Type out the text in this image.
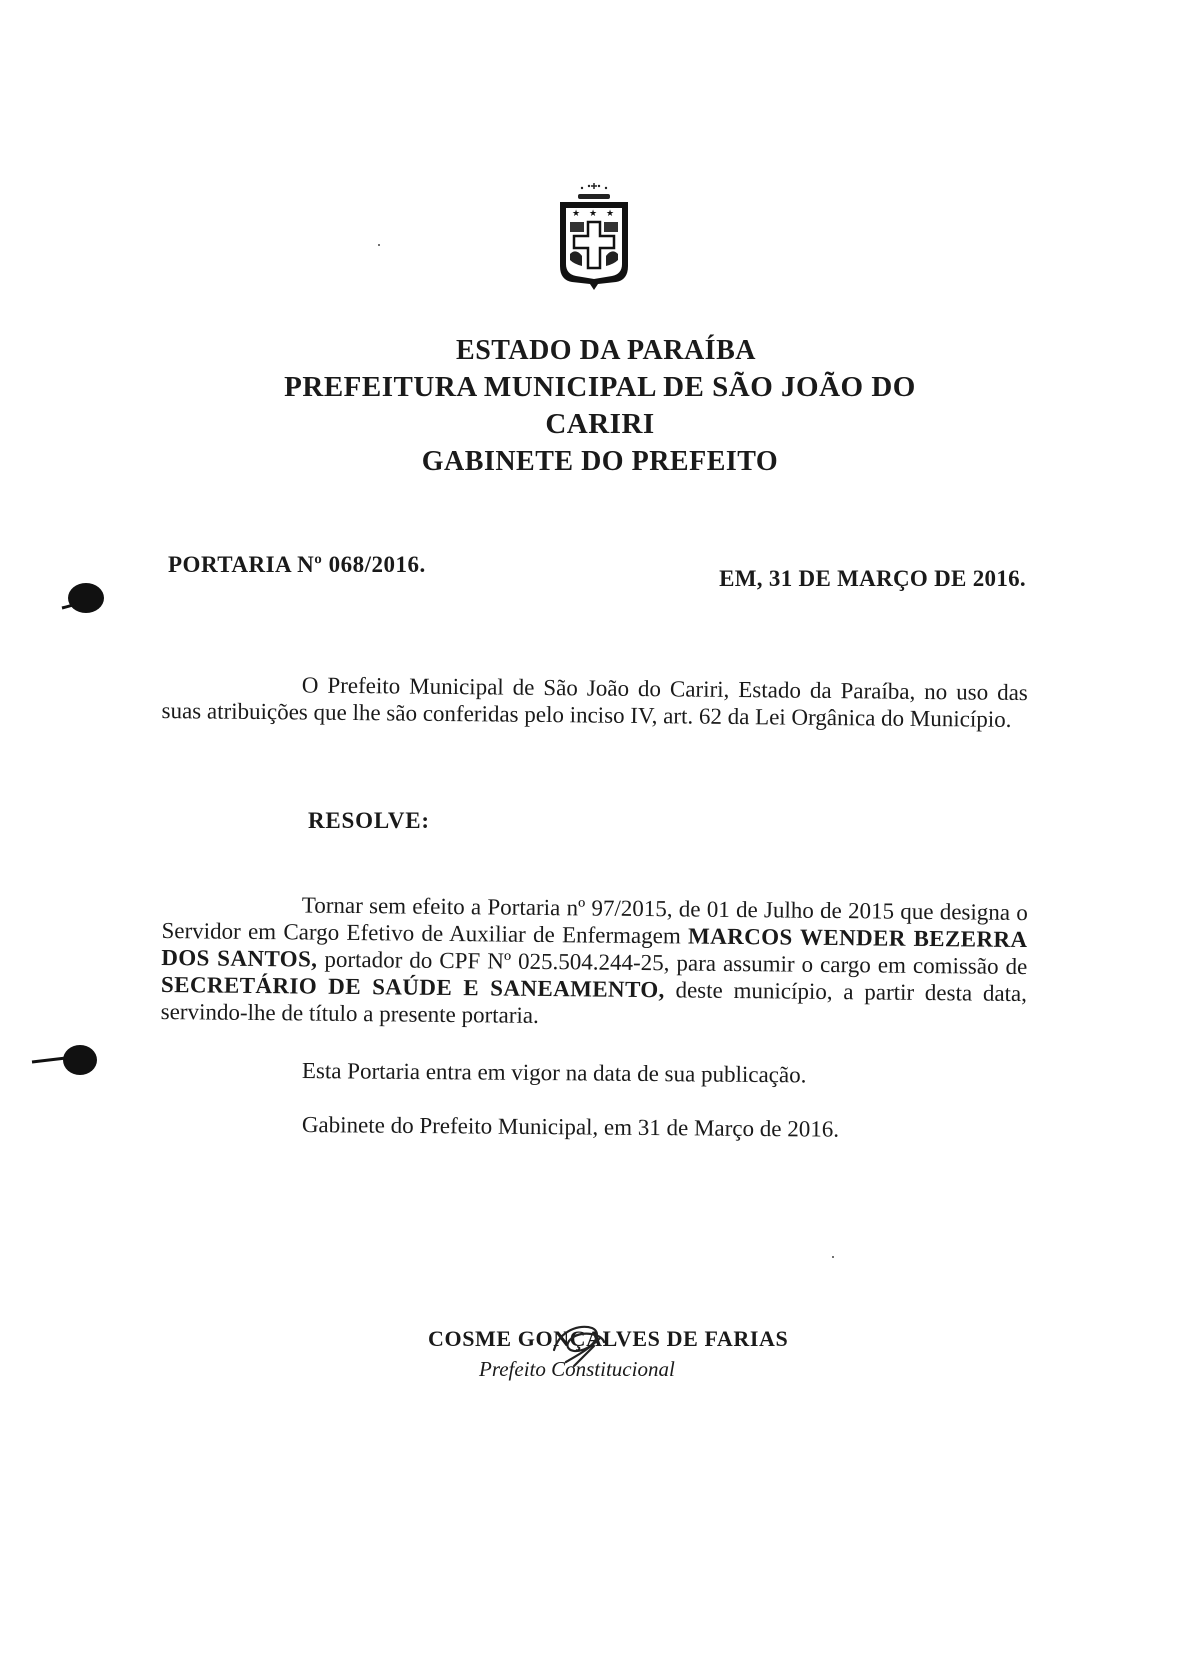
★ ★ ★
ESTADO DA PARAÍBA
PREFEITURA MUNICIPAL DE SÃO JOÃO DO CARIRI
GABINETE DO PREFEITO
PORTARIA Nº 068/2016.
EM, 31 DE MARÇO DE 2016.
O Prefeito Municipal de São João do Cariri, Estado da Paraíba, no uso das suas atribuições que lhe são conferidas pelo inciso IV, art. 62 da Lei Orgânica do Município.
RESOLVE:
Tornar sem efeito a Portaria nº 97/2015, de 01 de Julho de 2015 que designa o Servidor em Cargo Efetivo de Auxiliar de Enfermagem MARCOS WENDER BEZERRA DOS SANTOS, portador do CPF Nº 025.504.244-25, para assumir o cargo em comissão de SECRETÁRIO DE SAÚDE E SANEAMENTO, deste município, a partir desta data, servindo-lhe de título a presente portaria.
Esta Portaria entra em vigor na data de sua publicação.
Gabinete do Prefeito Municipal, em 31 de Março de 2016.
COSME GONÇALVES DE FARIAS
Prefeito Constitucional
